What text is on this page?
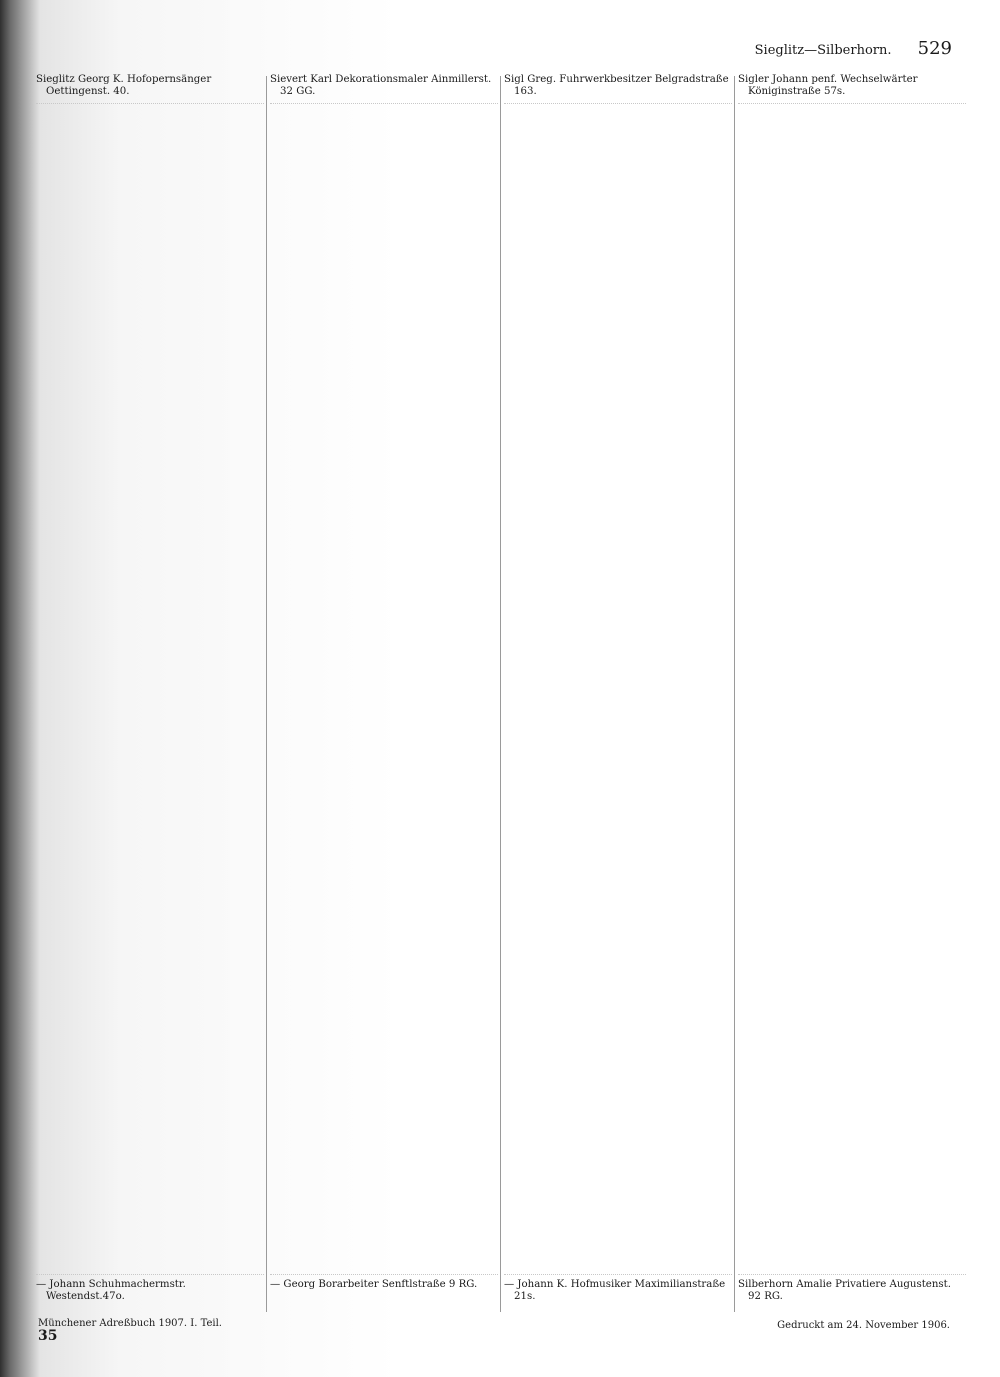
Sieglitz—Silberhorn. 529

Sieglitz Georg K. Hofopernsänger Oettingenst. 40.

— Johann Schuhmachermstr. Westendst.47o.

Sievert Karl Dekorationsmaler Ainmillerst. 32 GG.

— Georg Borarbeiter Senftlstraße 9 RG.

Sigl Greg. Fuhrwerkbesitzer Belgradstraße 163.

— Johann K. Hofmusiker Maximilianstraße 21s.

Sigler Johann penf. Wechselwärter Königinstraße 57s.

Silberhorn Amalie Privatiere Augustenst. 92 RG.

Münchener Adreßbuch 1907. I. Teil.
35
Gedruckt am 24. November 1906.
